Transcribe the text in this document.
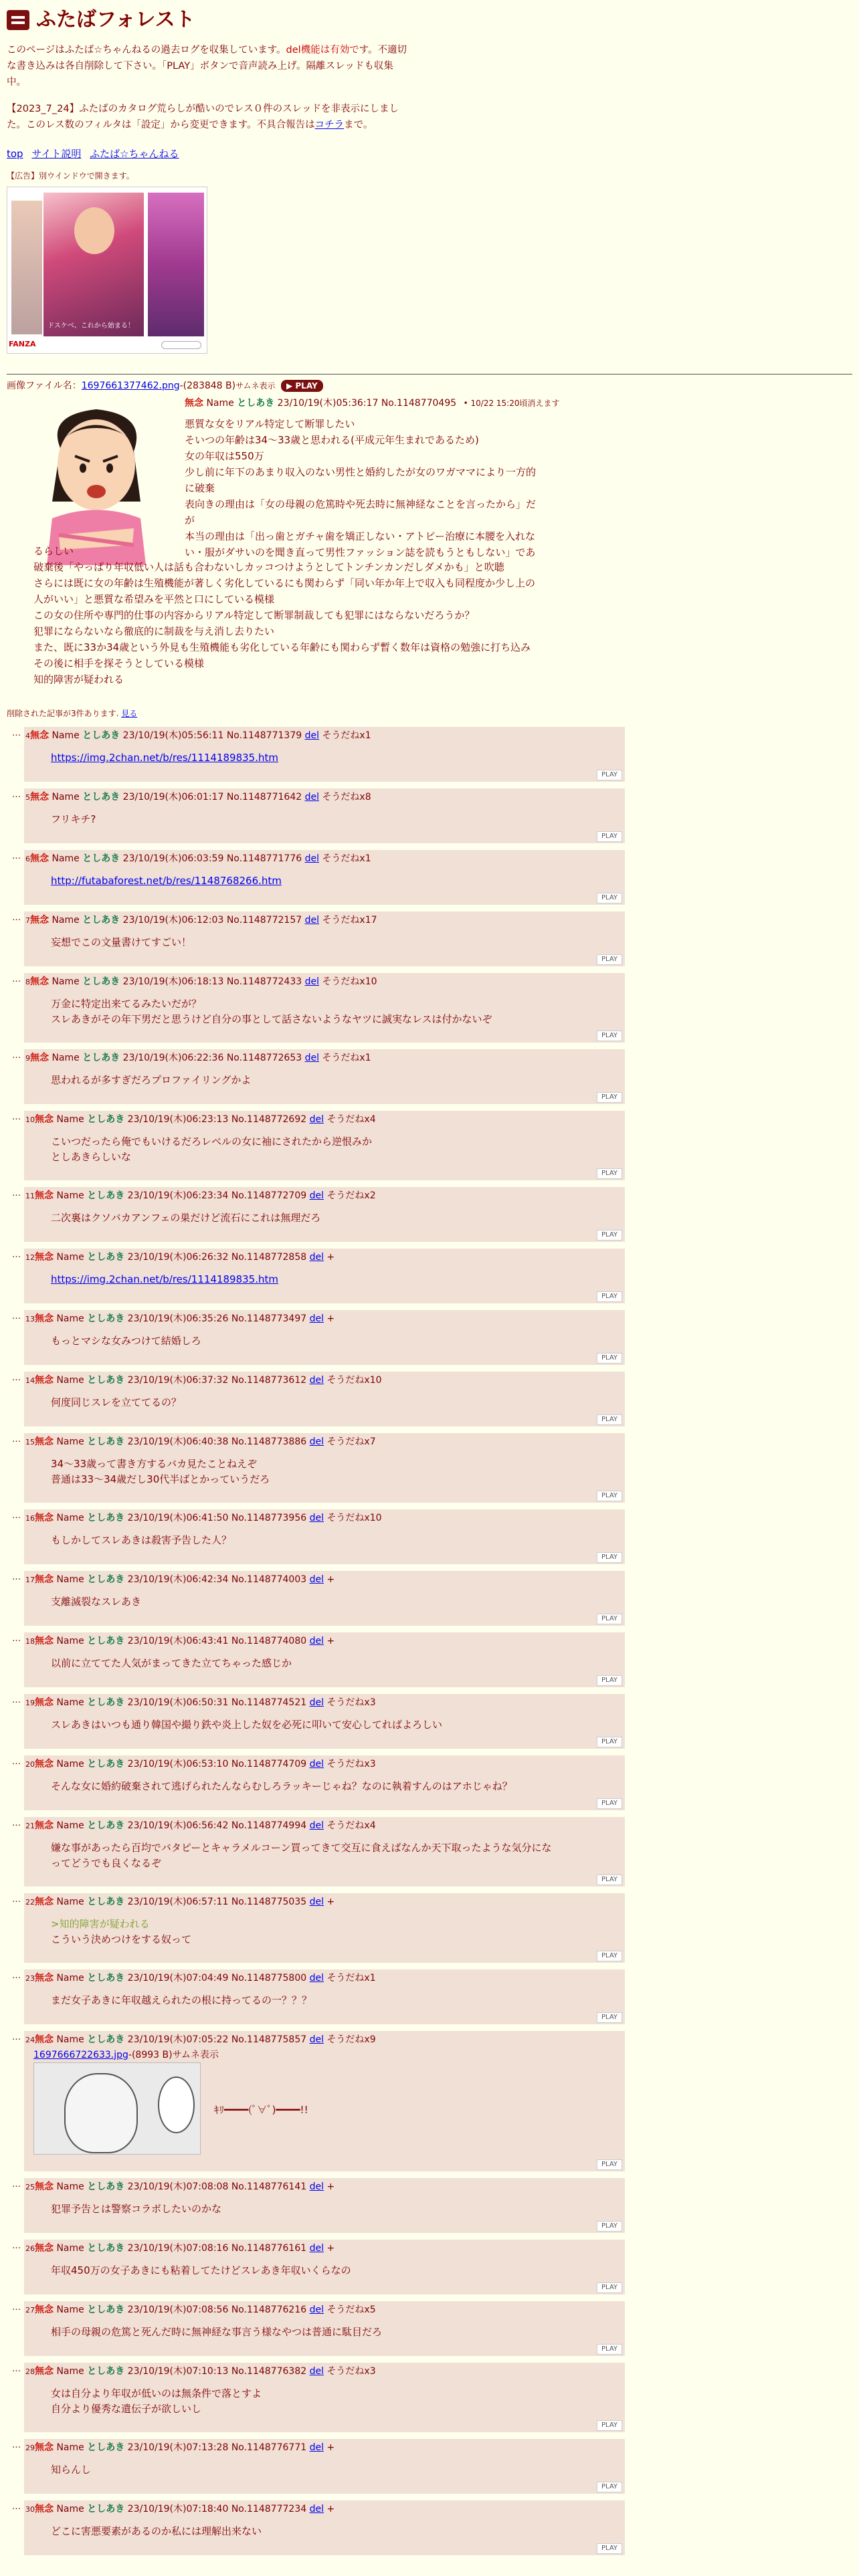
ふたばフォレスト

このページはふたば☆ちゃんねるの過去ログを収集しています。del機能は有効です。不適切な書き込みは各自削除して下さい。「PLAY」ボタンで音声読み上げ。隔離スレッドも収集中。

【2023_7_24】ふたばのカタログ荒らしが酷いのでレス０件のスレッドを非表示にしました。このレス数のフィルタは「設定」から変更できます。不具合報告はコチラまで。

top サイト説明 ふたば☆ちゃんねる
【広告】別ウインドウで開きます。
ドスケベ、これから始まる！
FANZA
画像ファイル名：1697661377462.png-(283848 B)サムネ表示 ▶ PLAY
無念 Name としあき 23/10/19(木)05:36:17 No.1148770495 • 10/22 15:20頃消えます
悪質な女をリアル特定して断罪したい
そいつの年齢は34〜33歳と思われる(平成元年生まれであるため)
女の年収は550万
少し前に年下のあまり収入のない男性と婚約したが女のワガママにより一方的
に破棄
表向きの理由は「女の母親の危篤時や死去時に無神経なことを言ったから」だ
が
本当の理由は「出っ歯とガチャ歯を矯正しない・アトピー治療に本腰を入れな
い・服がダサいのを聞き直って男性ファッション誌を読もうともしない」であ
るらしい
破棄後「やっぱり年収低い人は話も合わないしカッコつけようとしてトンチンカンだしダメかも」と吹聴
さらには既に女の年齢は生殖機能が著しく劣化しているにも関わらず「同い年か年上で収入も同程度か少し上の
人がいい」と悪質な希望みを平然と口にしている模様
この女の住所や専門的仕事の内容からリアル特定して断罪制裁しても犯罪にはならないだろうか？
犯罪にならないなら徹底的に制裁を与え消し去りたい
また、既に33か34歳という外見も生殖機能も劣化している年齢にも関わらず暫く数年は資格の勉強に打ち込み
その後に相手を探そうとしている模様
知的障害が疑われる
削除された記事が3件あります. 見る
… 4無念 Name としあき 23/10/19(木)05:56:11 No.1148771379 del そうだねx1
https://img.2chan.net/b/res/1114189835.htm
PLAY
… 5無念 Name としあき 23/10/19(木)06:01:17 No.1148771642 del そうだねx8
フリキチ?
PLAY
… 6無念 Name としあき 23/10/19(木)06:03:59 No.1148771776 del そうだねx1
http://futabaforest.net/b/res/1148768266.htm
PLAY
… 7無念 Name としあき 23/10/19(木)06:12:03 No.1148772157 del そうだねx17
妄想でこの文量書けてすごい！
PLAY
… 8無念 Name としあき 23/10/19(木)06:18:13 No.1148772433 del そうだねx10
万金に特定出来てるみたいだが？
スレあきがその年下男だと思うけど自分の事として話さないようなヤツに誠実なレスは付かないぞ
PLAY
… 9無念 Name としあき 23/10/19(木)06:22:36 No.1148772653 del そうだねx1
思われるが多すぎだろプロファイリングかよ
PLAY
… 10無念 Name としあき 23/10/19(木)06:23:13 No.1148772692 del そうだねx4
こいつだったら俺でもいけるだろレベルの女に袖にされたから逆恨みか
としあきらしいな
PLAY
… 11無念 Name としあき 23/10/19(木)06:23:34 No.1148772709 del そうだねx2
二次裏はクソバカアンフェの巣だけど流石にこれは無理だろ
PLAY
… 12無念 Name としあき 23/10/19(木)06:26:32 No.1148772858 del +
https://img.2chan.net/b/res/1114189835.htm
PLAY
… 13無念 Name としあき 23/10/19(木)06:35:26 No.1148773497 del +
もっとマシな女みつけて結婚しろ
PLAY
… 14無念 Name としあき 23/10/19(木)06:37:32 No.1148773612 del そうだねx10
何度同じスレを立ててるの？
PLAY
… 15無念 Name としあき 23/10/19(木)06:40:38 No.1148773886 del そうだねx7
34〜33歳って書き方するバカ見たことねえぞ
普通は33〜34歳だし30代半ばとかっていうだろ
PLAY
… 16無念 Name としあき 23/10/19(木)06:41:50 No.1148773956 del そうだねx10
もしかしてスレあきは殺害予告した人？
PLAY
… 17無念 Name としあき 23/10/19(木)06:42:34 No.1148774003 del +
支離滅裂なスレあき
PLAY
… 18無念 Name としあき 23/10/19(木)06:43:41 No.1148774080 del +
以前に立ててた人気がまってきた立てちゃった感じか
PLAY
… 19無念 Name としあき 23/10/19(木)06:50:31 No.1148774521 del そうだねx3
スレあきはいつも通り韓国や撮り鉄や炎上した奴を必死に叩いて安心してればよろしい
PLAY
… 20無念 Name としあき 23/10/19(木)06:53:10 No.1148774709 del そうだねx3
そんな女に婚約破棄されて逃げられたんならむしろラッキーじゃね？なのに執着すんのはアホじゃね？
PLAY
… 21無念 Name としあき 23/10/19(木)06:56:42 No.1148774994 del そうだねx4
嫌な事があったら百均でバタピーとキャラメルコーン買ってきて交互に食えばなんか天下取ったような気分にな
ってどうでも良くなるぞ
PLAY
… 22無念 Name としあき 23/10/19(木)06:57:11 No.1148775035 del +
>知的障害が疑われる
こういう決めつけをする奴って
PLAY
… 23無念 Name としあき 23/10/19(木)07:04:49 No.1148775800 del そうだねx1
まだ女子あきに年収越えられたの根に持ってるの一？？？
PLAY
… 24無念 Name としあき 23/10/19(木)07:05:22 No.1148775857 del そうだねx9
1697666722633.jpg-(8993 B)サムネ表示
ｷﾘ━━━━(ﾟ∀ﾟ)━━━━!!
PLAY
… 25無念 Name としあき 23/10/19(木)07:08:08 No.1148776141 del +
犯罪予告とは警察コラボしたいのかな
PLAY
… 26無念 Name としあき 23/10/19(木)07:08:16 No.1148776161 del +
年収450万の女子あきにも粘着してたけどスレあき年収いくらなの
PLAY
… 27無念 Name としあき 23/10/19(木)07:08:56 No.1148776216 del そうだねx5
相手の母親の危篤と死んだ時に無神経な事言う様なやつは普通に駄目だろ
PLAY
… 28無念 Name としあき 23/10/19(木)07:10:13 No.1148776382 del そうだねx3
女は自分より年収が低いのは無条件で落とすよ
自分より優秀な遺伝子が欲しいし
PLAY
… 29無念 Name としあき 23/10/19(木)07:13:28 No.1148776771 del +
知らんし
PLAY
… 30無念 Name としあき 23/10/19(木)07:18:40 No.1148777234 del +
どこに害悪要素があるのか私には理解出来ない
PLAY
